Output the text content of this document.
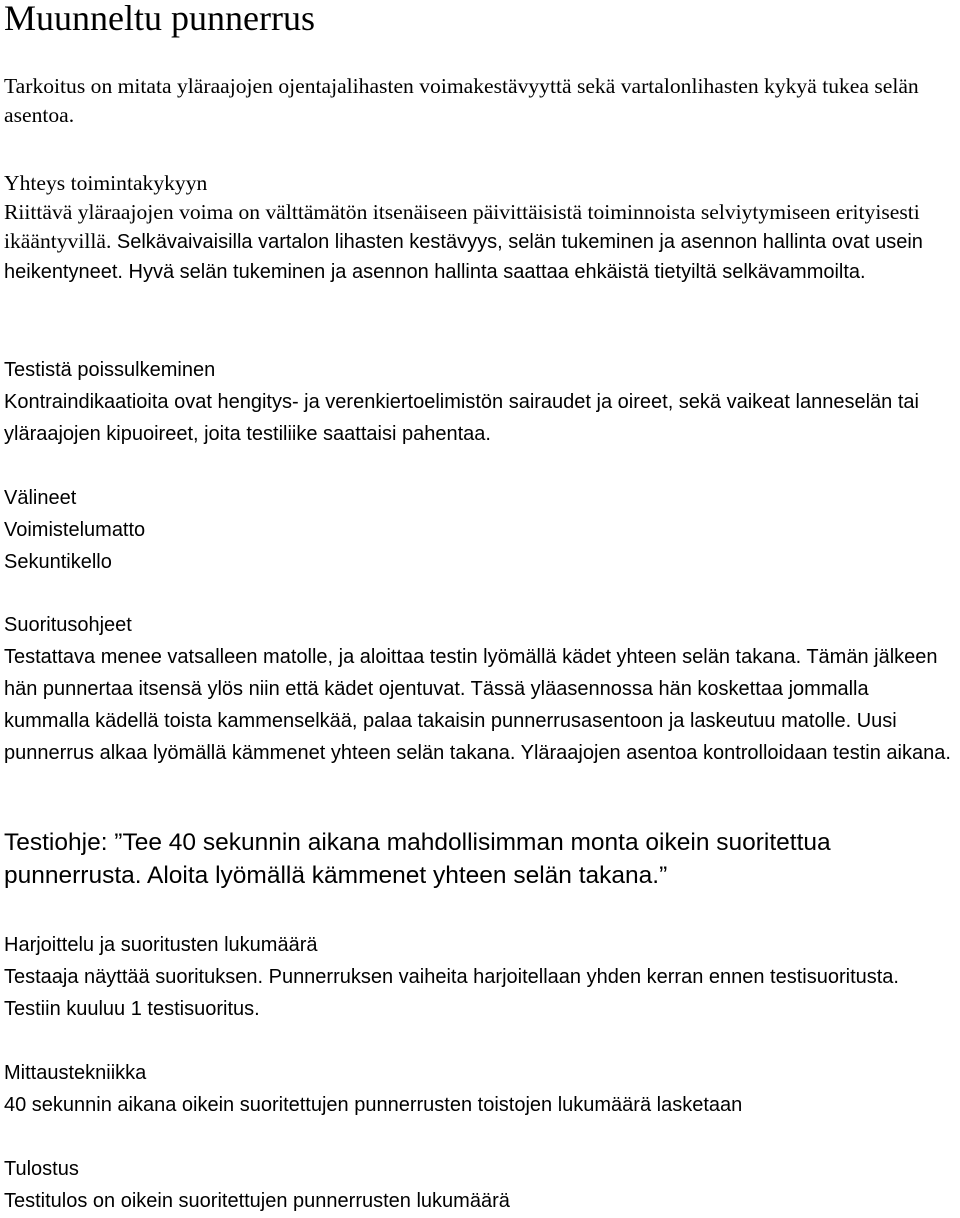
Muunneltu punnerrus

Tarkoitus on mitata yläraajojen ojentajalihasten voimakestävyyttä sekä vartalonlihasten kykyä tukea selän asentoa.

Yhteys toimintakykyyn

Riittävä yläraajojen voima on välttämätön itsenäiseen päivittäisistä toiminnoista selviytymiseen erityisesti ikääntyvillä. Selkävaivaisilla vartalon lihasten kestävyys, selän tukeminen ja asennon hallinta ovat usein heikentyneet. Hyvä selän tukeminen ja asennon hallinta saattaa ehkäistä tietyiltä selkävammoilta.

Testistä poissulkeminen

Kontraindikaatioita ovat hengitys- ja verenkiertoelimistön sairaudet ja oireet, sekä vaikeat lanneselän tai yläraajojen kipuoireet, joita testiliike saattaisi pahentaa.

Välineet
Voimistelumatto
Sekuntikello
Suoritusohjeet

Testattava menee vatsalleen matolle, ja aloittaa testin lyömällä kädet yhteen selän takana. Tämän jälkeen hän punnertaa itsensä ylös niin että kädet ojentuvat. Tässä yläasennossa hän koskettaa jommalla kummalla kädellä toista kammenselkää, palaa takaisin punnerrusasentoon ja laskeutuu matolle. Uusi punnerrus alkaa lyömällä kämmenet yhteen selän takana. Yläraajojen asentoa kontrolloidaan testin aikana.

Testiohje: ”Tee 40 sekunnin aikana mahdollisimman monta oikein suoritettua punnerrusta. Aloita lyömällä kämmenet yhteen selän takana.”

Harjoittelu ja suoritusten lukumäärä

Testaaja näyttää suorituksen. Punnerruksen vaiheita harjoitellaan yhden kerran ennen testisuoritusta. Testiin kuuluu 1 testisuoritus.

Mittaustekniikka

40 sekunnin aikana oikein suoritettujen punnerrusten toistojen lukumäärä lasketaan

Tulostus

Testitulos on oikein suoritettujen punnerrusten lukumäärä
